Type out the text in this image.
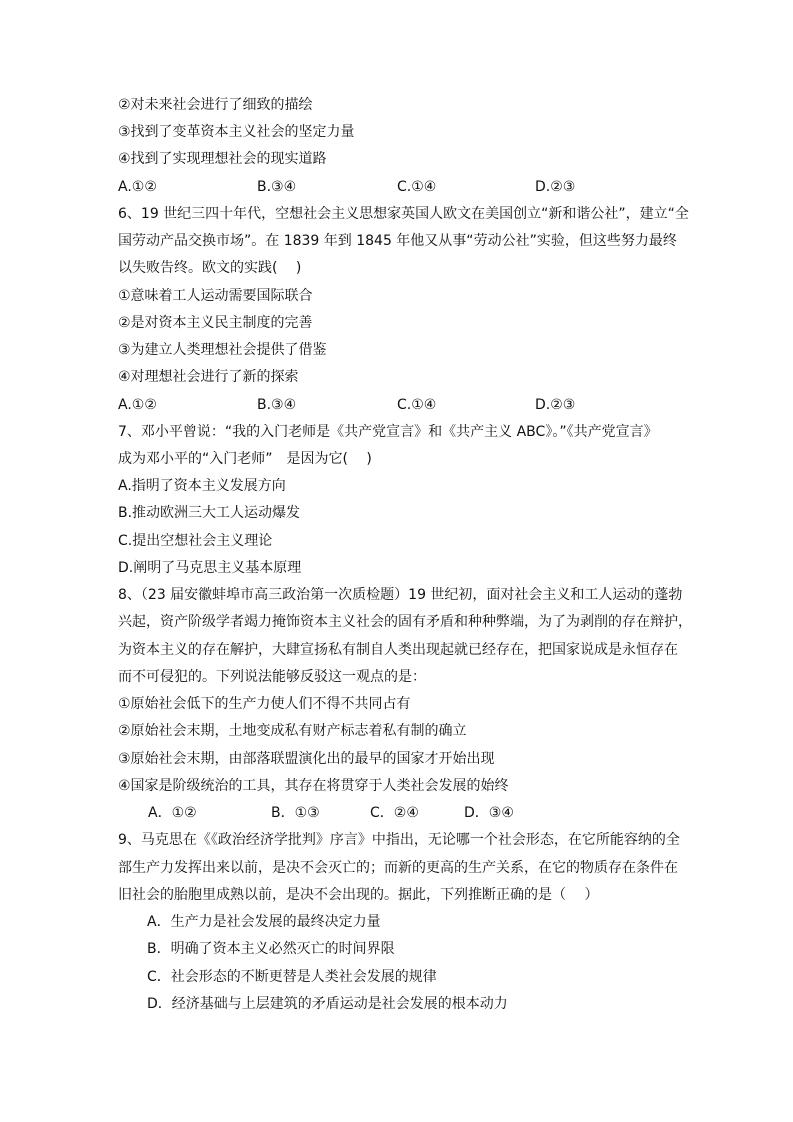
②对未来社会进行了细致的描绘
③找到了变革资本主义社会的坚定力量
④找到了实现理想社会的现实道路
A.①②	B.③④	C.①④	D.②③
6、19 世纪三四十年代，空想社会主义思想家英国人欧文在美国创立“新和谐公社”，建立“全
国劳动产品交换市场”。在 1839 年到 1845 年他又从事“劳动公社”实验，但这些努力最终
以失败告终。欧文的实践(　 )
①意味着工人运动需要国际联合
②是对资本主义民主制度的完善
③为建立人类理想社会提供了借鉴
④对理想社会进行了新的探索
A.①②	B.③④	C.①④	D.②③
7、邓小平曾说：“我的入门老师是《共产党宣言》和《共产主义 ABC》。”《共产党宣言》
成为邓小平的“入门老师”　是因为它(　 )
A.指明了资本主义发展方向
B.推动欧洲三大工人运动爆发
C.提出空想社会主义理论
D.阐明了马克思主义基本原理
8、（23 届安徽蚌埠市高三政治第一次质检题）19 世纪初，面对社会主义和工人运动的蓬勃
兴起，资产阶级学者竭力掩饰资本主义社会的固有矛盾和种种弊端，为了为剥削的存在辩护，
为资本主义的存在解护，大肆宣扬私有制自人类出现起就已经存在，把国家说成是永恒存在
而不可侵犯的。下列说法能够反驳这一观点的是：
①原始社会低下的生产力使人们不得不共同占有
②原始社会末期，土地变成私有财产标志着私有制的确立
③原始社会末期，由部落联盟演化出的最早的国家才开始出现
④国家是阶级统治的工具，其存在将贯穿于人类社会发展的始终
A．①②	B．①③	C．②④	D．③④
9、马克思在《《政治经济学批判》序言》中指出，无论哪一个社会形态，在它所能容纳的全
部生产力发挥出来以前，是决不会灭亡的；而新的更高的生产关系，在它的物质存在条件在
旧社会的胎胞里成熟以前，是决不会出现的。据此，下列推断正确的是（　 ）
A．生产力是社会发展的最终决定力量
B．明确了资本主义必然灭亡的时间界限
C．社会形态的不断更替是人类社会发展的规律
D．经济基础与上层建筑的矛盾运动是社会发展的根本动力
